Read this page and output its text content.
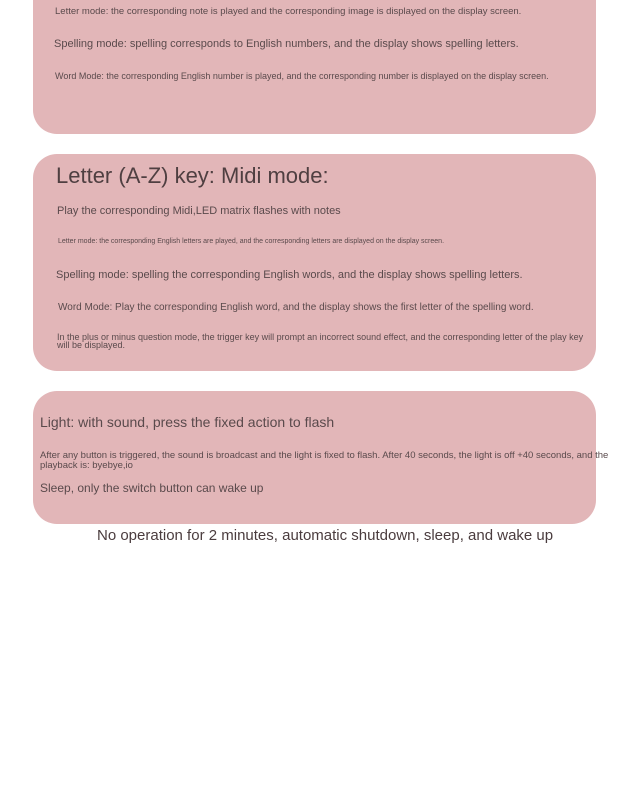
Letter mode: the corresponding note is played and the corresponding image is displayed on the display screen.

Spelling mode: spelling corresponds to English numbers, and the display shows spelling letters.

Word Mode: the corresponding English number is played, and the corresponding number is displayed on the display screen.

Letter (A-Z) key: Midi mode:

Play the corresponding Midi,LED matrix flashes with notes

Letter mode: the corresponding English letters are played, and the corresponding letters are displayed on the display screen.

Spelling mode: spelling the corresponding English words, and the display shows spelling letters.

Word Mode: Play the corresponding English word, and the display shows the first letter of the spelling word.

In the plus or minus question mode, the trigger key will prompt an incorrect sound effect, and the corresponding letter of the play key will be displayed.

Light: with sound, press the fixed action to flash

After any button is triggered, the sound is broadcast and the light is fixed to flash. After 40 seconds, the light is off +40 seconds, and the playback is: byebye,io

Sleep, only the switch button can wake up

No operation for 2 minutes, automatic shutdown, sleep, and wake up
